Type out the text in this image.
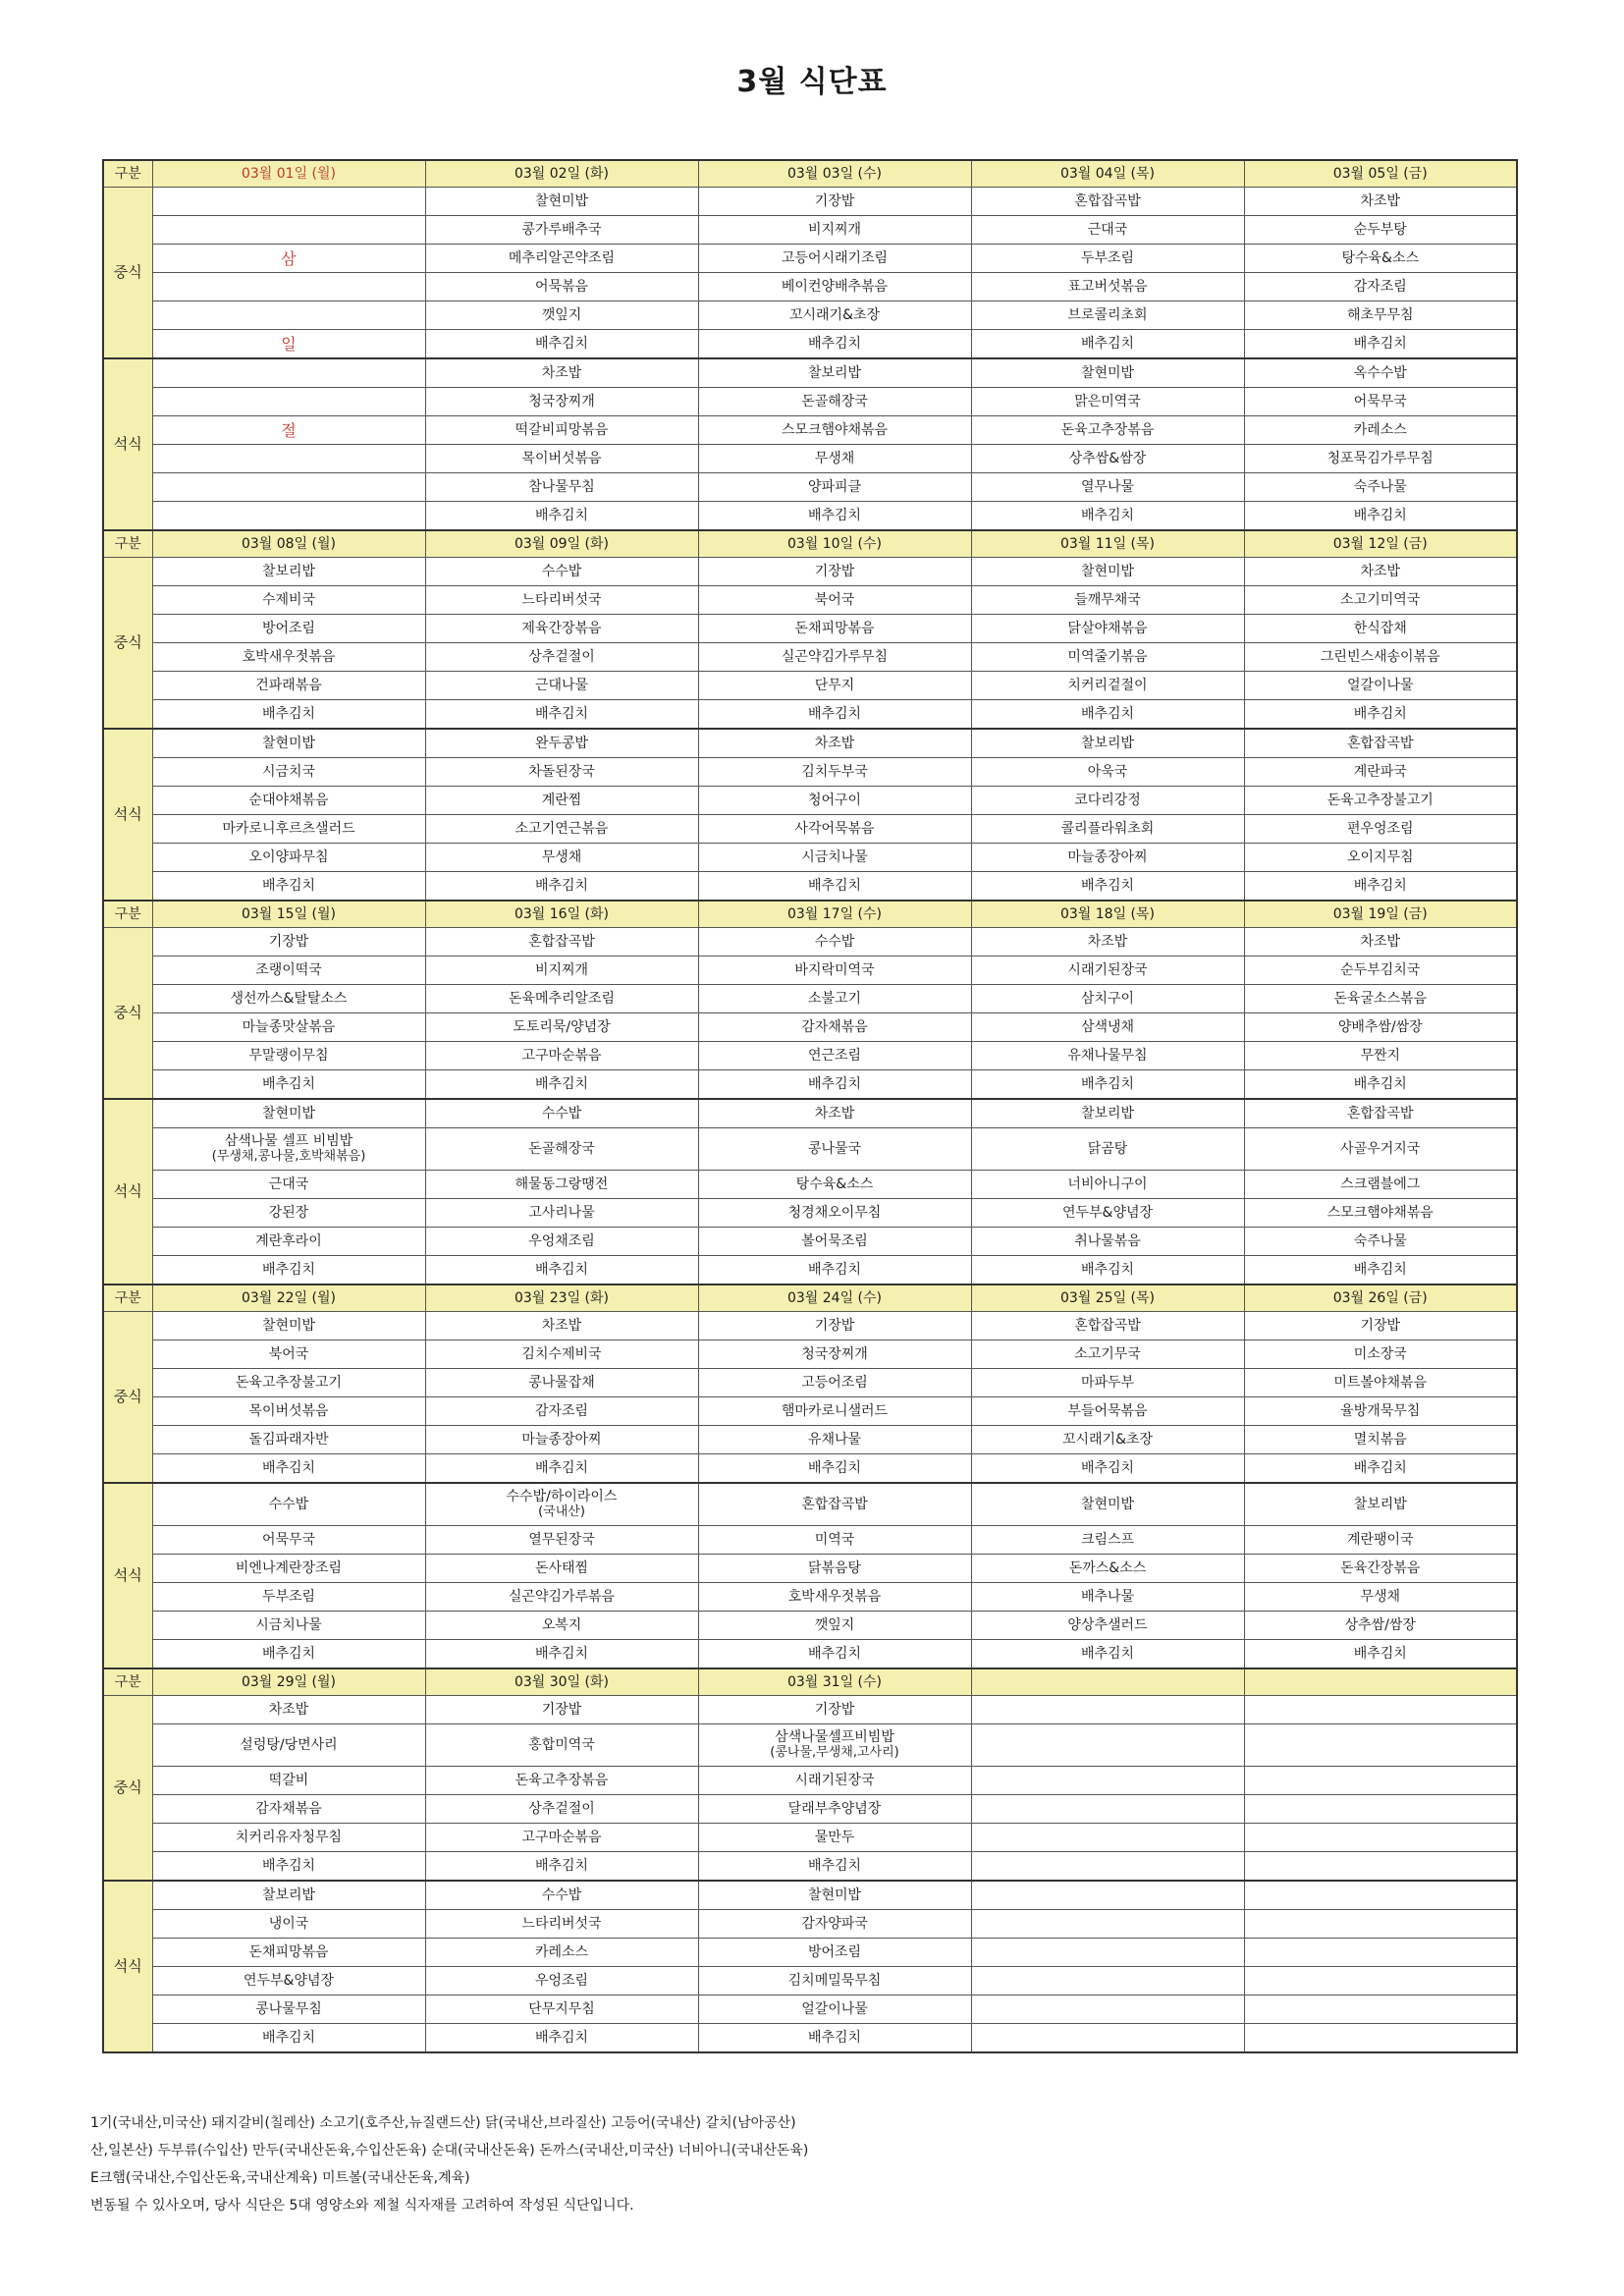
3월 식단표
구분	03월 01일 (월)	03월 02일 (화)	03월 03일 (수)	03월 04일 (목)	03월 05일 (금)
중식		찰현미밥	기장밥	혼합잡곡밥	차조밥
		콩가루배추국	비지찌개	근대국	순두부탕
	삼	메추리알곤약조림	고등어시래기조림	두부조림	탕수육&소스
		어묵볶음	베이컨양배추볶음	표고버섯볶음	감자조림
		깻잎지	꼬시래기&초장	브로콜리초회	해초무무침
	일	배추김치	배추김치	배추김치	배추김치
석식		차조밥	찰보리밥	찰현미밥	옥수수밥
		청국장찌개	돈골해장국	맑은미역국	어묵무국
	절	떡갈비피망볶음	스모크햄야채볶음	돈육고추장볶음	카레소스
		목이버섯볶음	무생채	상추쌈&쌈장	청포묵김가루무침
		참나물무침	양파피클	열무나물	숙주나물
		배추김치	배추김치	배추김치	배추김치
구분	03월 08일 (월)	03월 09일 (화)	03월 10일 (수)	03월 11일 (목)	03월 12일 (금)
중식	찰보리밥	수수밥	기장밥	찰현미밥	차조밥
	수제비국	느타리버섯국	북어국	들깨무채국	소고기미역국
	방어조림	제육간장볶음	돈채피망볶음	닭살야채볶음	한식잡채
	호박새우젓볶음	상추겉절이	실곤약김가루무침	미역줄기볶음	그린빈스새송이볶음
	건파래볶음	근대나물	단무지	치커리겉절이	얼갈이나물
	배추김치	배추김치	배추김치	배추김치	배추김치
석식	찰현미밥	완두콩밥	차조밥	찰보리밥	혼합잡곡밥
	시금치국	차돌된장국	김치두부국	아욱국	계란파국
	순대야채볶음	계란찜	청어구이	코다리강정	돈육고추장불고기
	마카로니후르츠샐러드	소고기연근볶음	사각어묵볶음	콜리플라워초회	편우엉조림
	오이양파무침	무생채	시금치나물	마늘종장아찌	오이지무침
	배추김치	배추김치	배추김치	배추김치	배추김치
구분	03월 15일 (월)	03월 16일 (화)	03월 17일 (수)	03월 18일 (목)	03월 19일 (금)
중식	기장밥	혼합잡곡밥	수수밥	차조밥	차조밥
	조랭이떡국	비지찌개	바지락미역국	시래기된장국	순두부김치국
	생선까스&탈탈소스	돈육메추리알조림	소불고기	삼치구이	돈육굴소스볶음
	마늘종맛살볶음	도토리묵/양념장	감자채볶음	삼색냉채	양배추쌈/쌈장
	무말랭이무침	고구마순볶음	연근조림	유채나물무침	무짠지
	배추김치	배추김치	배추김치	배추김치	배추김치
석식	찰현미밥	수수밥	차조밥	찰보리밥	혼합잡곡밥
	삼색나물 셀프 비빔밥
(무생채,콩나물,호박채볶음)	돈골해장국	콩나물국	닭곰탕	사골우거지국
	근대국	해물동그랑땡전	탕수육&소스	너비아니구이	스크램블에그
	강된장	고사리나물	청경채오이무침	연두부&양념장	스모크햄야채볶음
	계란후라이	우엉채조림	볼어묵조림	취나물볶음	숙주나물
	배추김치	배추김치	배추김치	배추김치	배추김치
구분	03월 22일 (월)	03월 23일 (화)	03월 24일 (수)	03월 25일 (목)	03월 26일 (금)
중식	찰현미밥	차조밥	기장밥	혼합잡곡밥	기장밥
	북어국	김치수제비국	청국장찌개	소고기무국	미소장국
	돈육고추장불고기	콩나물잡채	고등어조림	마파두부	미트볼야채볶음
	목이버섯볶음	감자조림	햄마카로니샐러드	부들어묵볶음	율방개묵무침
	돌김파래자반	마늘종장아찌	유채나물	꼬시래기&초장	멸치볶음
	배추김치	배추김치	배추김치	배추김치	배추김치
석식	수수밥	수수밥/하이라이스
(국내산)	혼합잡곡밥	찰현미밥	찰보리밥
	어묵무국	열무된장국	미역국	크림스프	계란팽이국
	비엔나계란장조림	돈사태찜	닭볶음탕	돈까스&소스	돈육간장볶음
	두부조림	실곤약김가루볶음	호박새우젓볶음	배추나물	무생채
	시금치나물	오복지	깻잎지	양상추샐러드	상추쌈/쌈장
	배추김치	배추김치	배추김치	배추김치	배추김치
구분	03월 29일 (월)	03월 30일 (화)	03월 31일 (수)		
중식	차조밥	기장밥	기장밥		
	설렁탕/당면사리	홍합미역국	삼색나물셀프비빔밥
(콩나물,무생채,고사리)		
	떡갈비	돈육고추장볶음	시래기된장국		
	감자채볶음	상추겉절이	달래부추양념장		
	치커리유자청무침	고구마순볶음	물만두		
	배추김치	배추김치	배추김치		
석식	찰보리밥	수수밥	찰현미밥		
	냉이국	느타리버섯국	감자양파국		
	돈채피망볶음	카레소스	방어조림		
	연두부&양념장	우엉조림	김치메밀묵무침		
	콩나물무침	단무지무침	얼갈이나물		
	배추김치	배추김치	배추김치		
1기(국내산,미국산) 돼지갈비(칠레산) 소고기(호주산,뉴질랜드산) 닭(국내산,브라질산) 고등어(국내산) 갈치(남아공산)
산,일본산) 두부류(수입산) 만두(국내산돈육,수입산돈육) 순대(국내산돈육) 돈까스(국내산,미국산) 너비아니(국내산돈육)
E크햄(국내산,수입산돈육,국내산계육) 미트볼(국내산돈육,계육)
변동될 수 있사오며, 당사 식단은 5대 영양소와 제철 식자재를 고려하여 작성된 식단입니다.
